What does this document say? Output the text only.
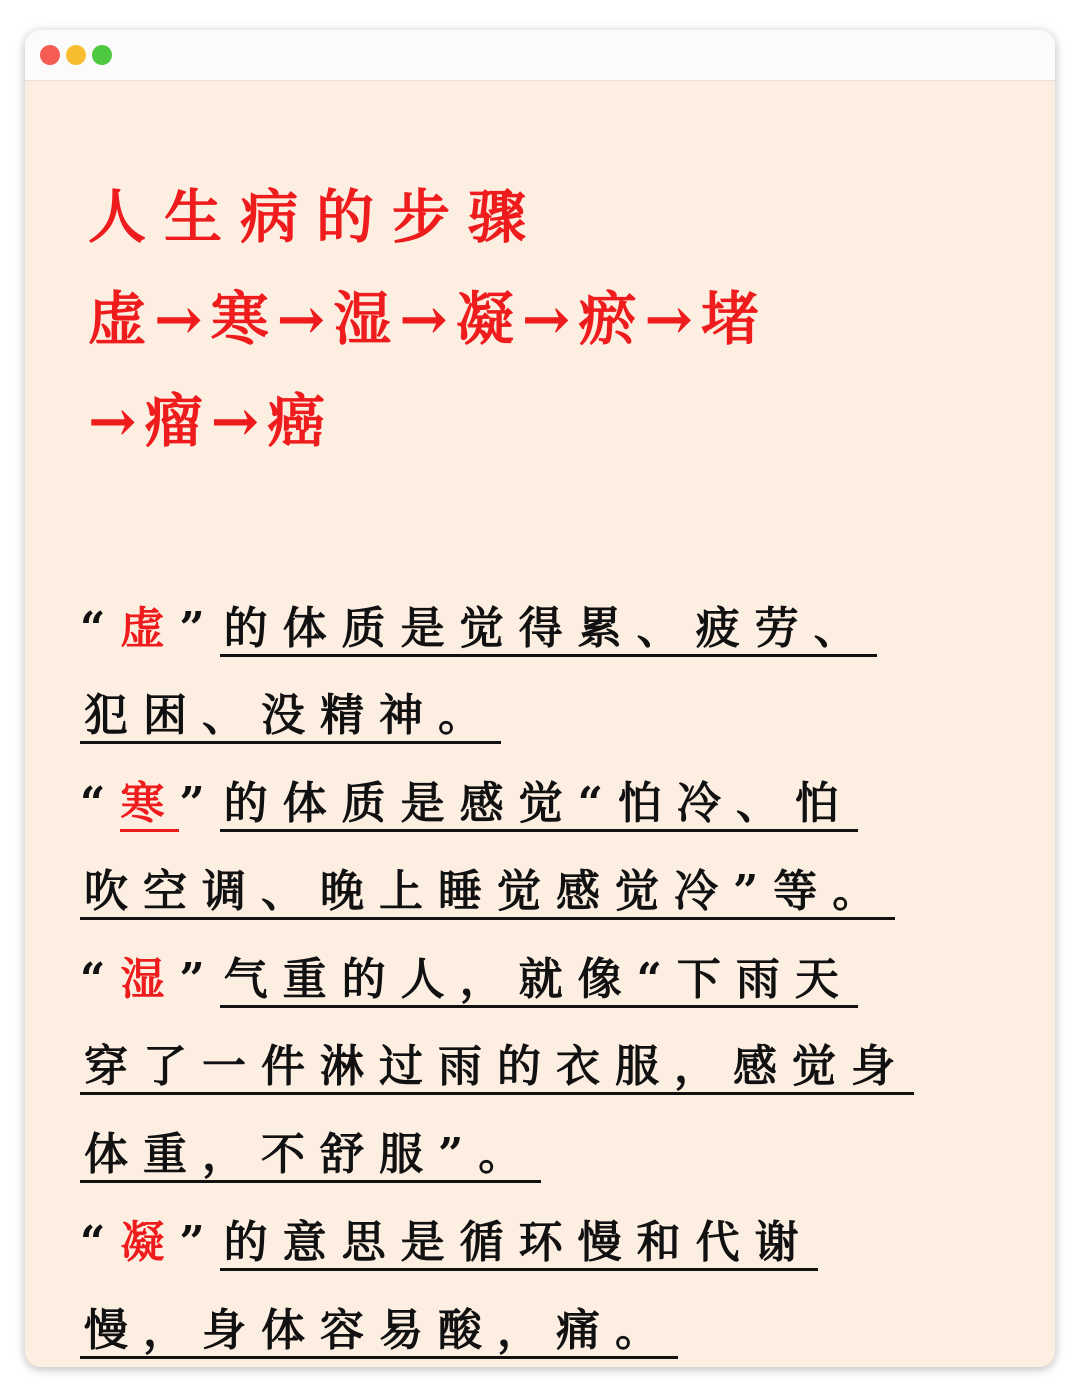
人生病的步骤
虚→寒→湿→凝→瘀→堵
→瘤→癌
“虚”的体质是觉得累、疲劳、
犯困、没精神。
“寒”的体质是感觉“怕冷、怕
吹空调、晚上睡觉感觉冷”等。
“湿”气重的人，就像“下雨天
穿了一件淋过雨的衣服，感觉身
体重，不舒服”。
“凝”的意思是循环慢和代谢
慢，身体容易酸，痛。
